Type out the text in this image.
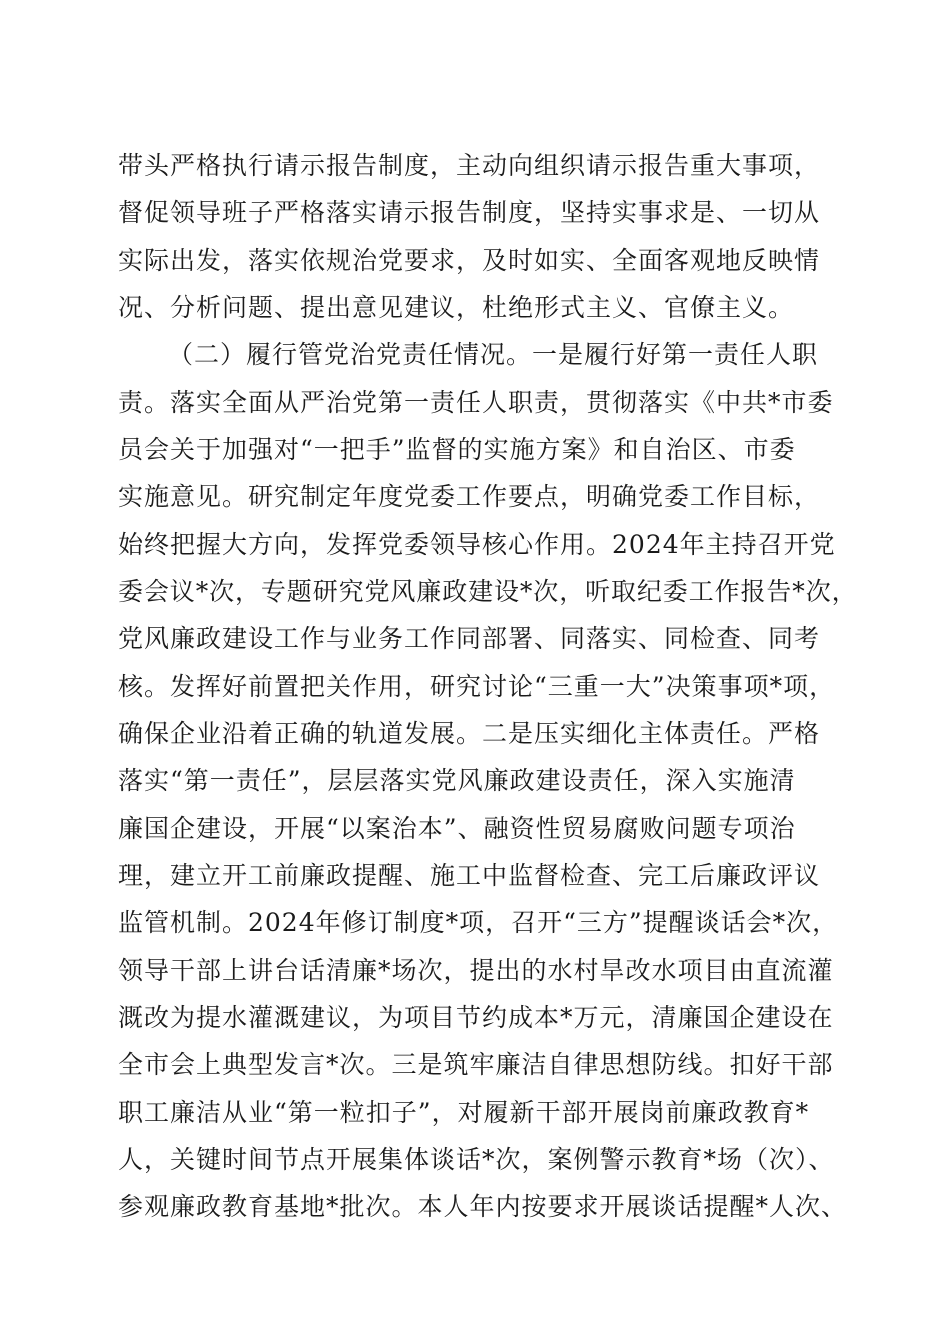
带头严格执行请示报告制度，主动向组织请示报告重大事项，
督促领导班子严格落实请示报告制度，坚持实事求是、一切从
实际出发，落实依规治党要求，及时如实、全面客观地反映情
况、分析问题、提出意见建议，杜绝形式主义、官僚主义。
（二）履行管党治党责任情况。一是履行好第一责任人职
责。落实全面从严治党第一责任人职责，贯彻落实《中共*市委
员会关于加强对“一把手”监督的实施方案》和自治区、市委
实施意见。研究制定年度党委工作要点，明确党委工作目标，
始终把握大方向，发挥党委领导核心作用。2024年主持召开党
委会议*次，专题研究党风廉政建设*次，听取纪委工作报告*次，
党风廉政建设工作与业务工作同部署、同落实、同检查、同考
核。发挥好前置把关作用，研究讨论“三重一大”决策事项*项，
确保企业沿着正确的轨道发展。二是压实细化主体责任。严格
落实“第一责任”，层层落实党风廉政建设责任，深入实施清
廉国企建设，开展“以案治本”、融资性贸易腐败问题专项治
理，建立开工前廉政提醒、施工中监督检查、完工后廉政评议
监管机制。2024年修订制度*项，召开“三方”提醒谈话会*次，
领导干部上讲台话清廉*场次，提出的水村旱改水项目由直流灌
溉改为提水灌溉建议，为项目节约成本*万元，清廉国企建设在
全市会上典型发言*次。三是筑牢廉洁自律思想防线。扣好干部
职工廉洁从业“第一粒扣子”，对履新干部开展岗前廉政教育*
人，关键时间节点开展集体谈话*次，案例警示教育*场（次）、
参观廉政教育基地*批次。本人年内按要求开展谈话提醒*人次、
